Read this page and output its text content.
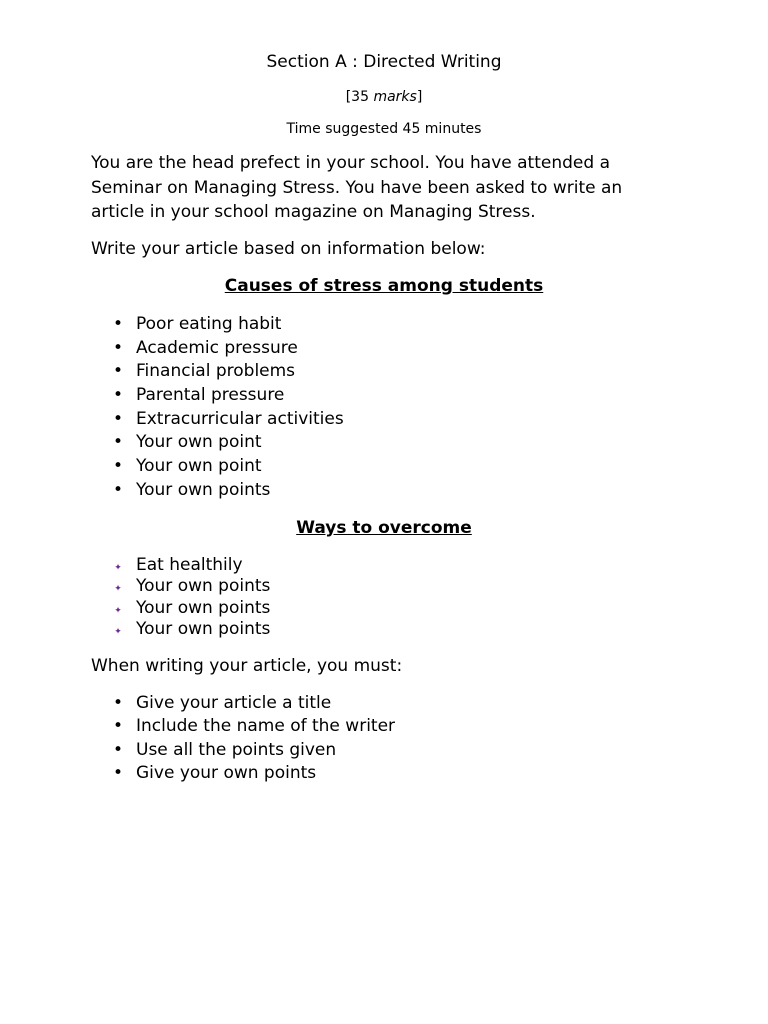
Section A : Directed Writing
[35 marks]
Time suggested 45 minutes
You are the head prefect in your school. You have attended a
Seminar on Managing Stress. You have been asked to write an
article in your school magazine on Managing Stress.
Write your article based on information below:
Causes of stress among students
• Poor eating habit
• Academic pressure
• Financial problems
• Parental pressure
• Extracurricular activities
• Your own point
• Your own point
• Your own points
Ways to overcome
✦ Eat healthily
✦ Your own points
✦ Your own points
✦ Your own points
When writing your article, you must:
• Give your article a title
• Include the name of the writer
• Use all the points given
• Give your own points
